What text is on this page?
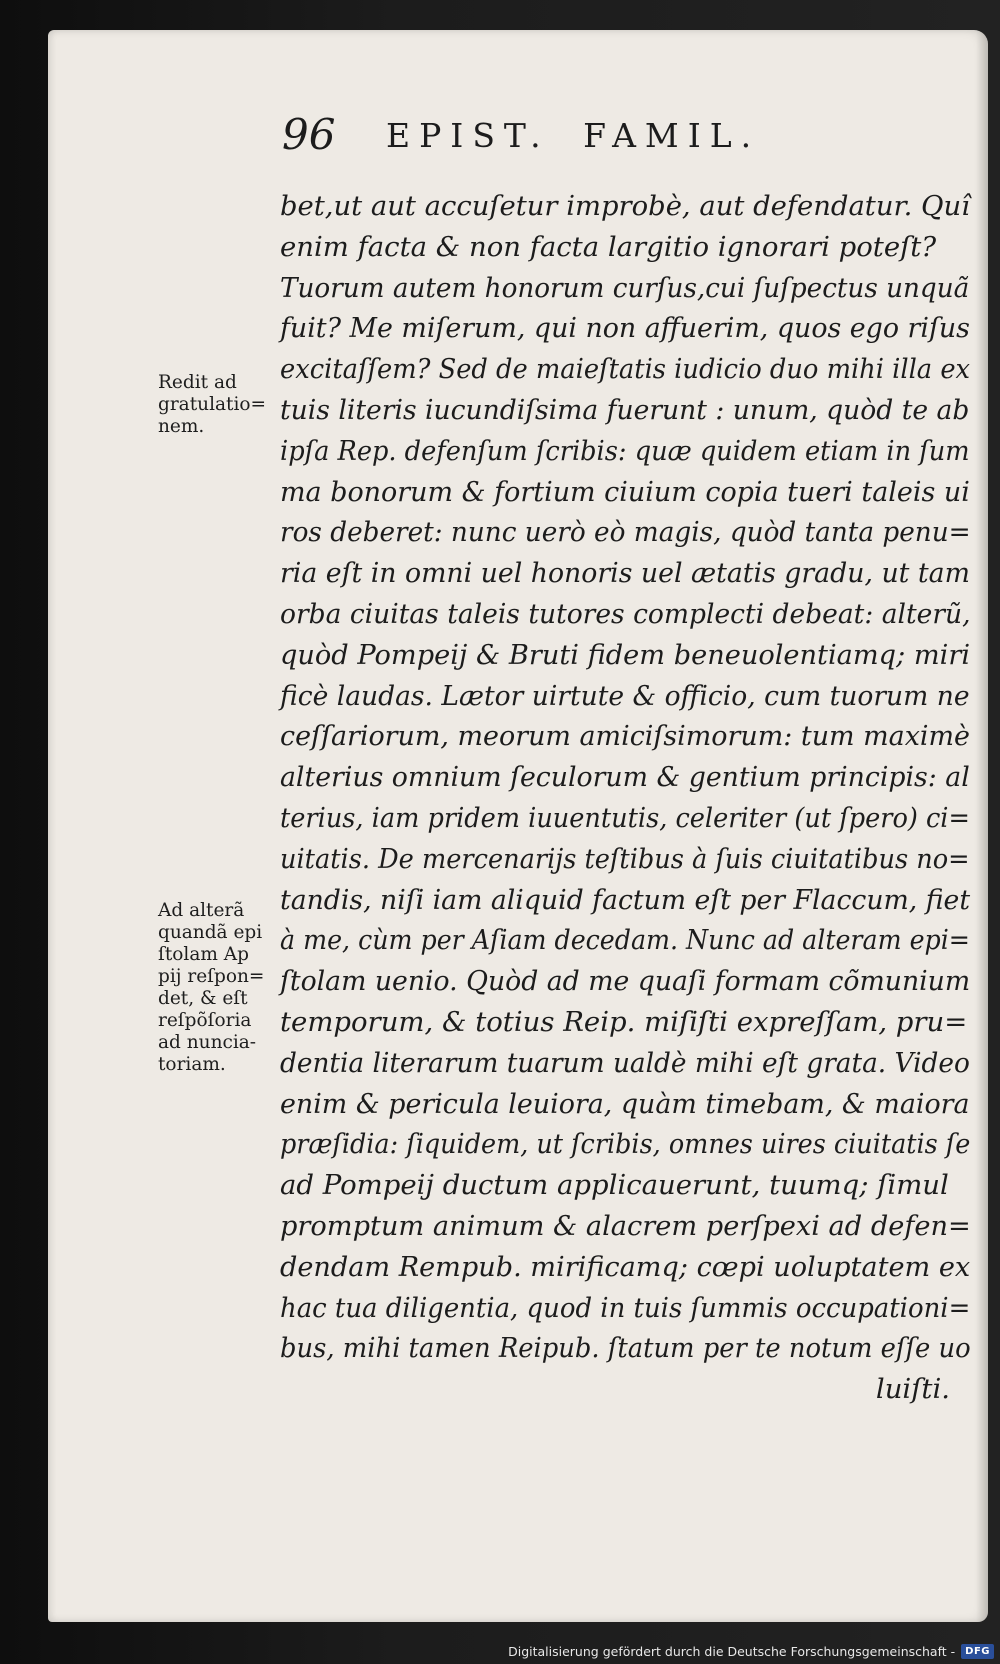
96 EPIST. FAMIL.
Redit ad
gratulatio=
nem.
Ad alterã
quandã epi
ſtolam Ap
pij reſpon=
det, & eſt
reſpõſoria
ad nuncia-
toriam.
bet,ut aut accuſetur improbè, aut defendatur. Quî
enim facta & non facta largitio ignorari poteſt?
Tuorum autem honorum curſus,cui ſuſpectus unquã
fuit? Me miſerum, qui non affuerim, quos ego riſus
excitaſſem? Sed de maieſtatis iudicio duo mihi illa ex
tuis literis iucundiſsima fuerunt : unum, quòd te ab
ipſa Rep. defenſum ſcribis: quæ quidem etiam in ſum
ma bonorum & fortium ciuium copia tueri taleis ui
ros deberet: nunc uerò eò magis, quòd tanta penu=
ria eſt in omni uel honoris uel ætatis gradu, ut tam
orba ciuitas taleis tutores complecti debeat: alterũ,
quòd Pompeij & Bruti fidem beneuolentiamq; miri
ficè laudas. Lætor uirtute & officio, cum tuorum ne
ceſſariorum, meorum amiciſsimorum: tum maximè
alterius omnium ſeculorum & gentium principis: al
terius, iam pridem iuuentutis, celeriter (ut ſpero) ci=
uitatis. De mercenarijs teſtibus à ſuis ciuitatibus no=
tandis, niſi iam aliquid factum eſt per Flaccum, fiet
à me, cùm per Aſiam decedam. Nunc ad alteram epi=
ſtolam uenio. Quòd ad me quaſi formam cõmunium
temporum, & totius Reip. miſiſti expreſſam, pru=
dentia literarum tuarum ualdè mihi eſt grata. Video
enim & pericula leuiora, quàm timebam, & maiora
præſidia: ſiquidem, ut ſcribis, omnes uires ciuitatis ſe
ad Pompeij ductum applicauerunt, tuumq; ſimul
promptum animum & alacrem perſpexi ad defen=
dendam Rempub. mirificamq; cœpi uoluptatem ex
hac tua diligentia, quod in tuis ſummis occupationi=
bus, mihi tamen Reipub. ſtatum per te notum eſſe uo
luiſti.
Digitalisierung gefördert durch die Deutsche Forschungsgemeinschaft -	DFG
